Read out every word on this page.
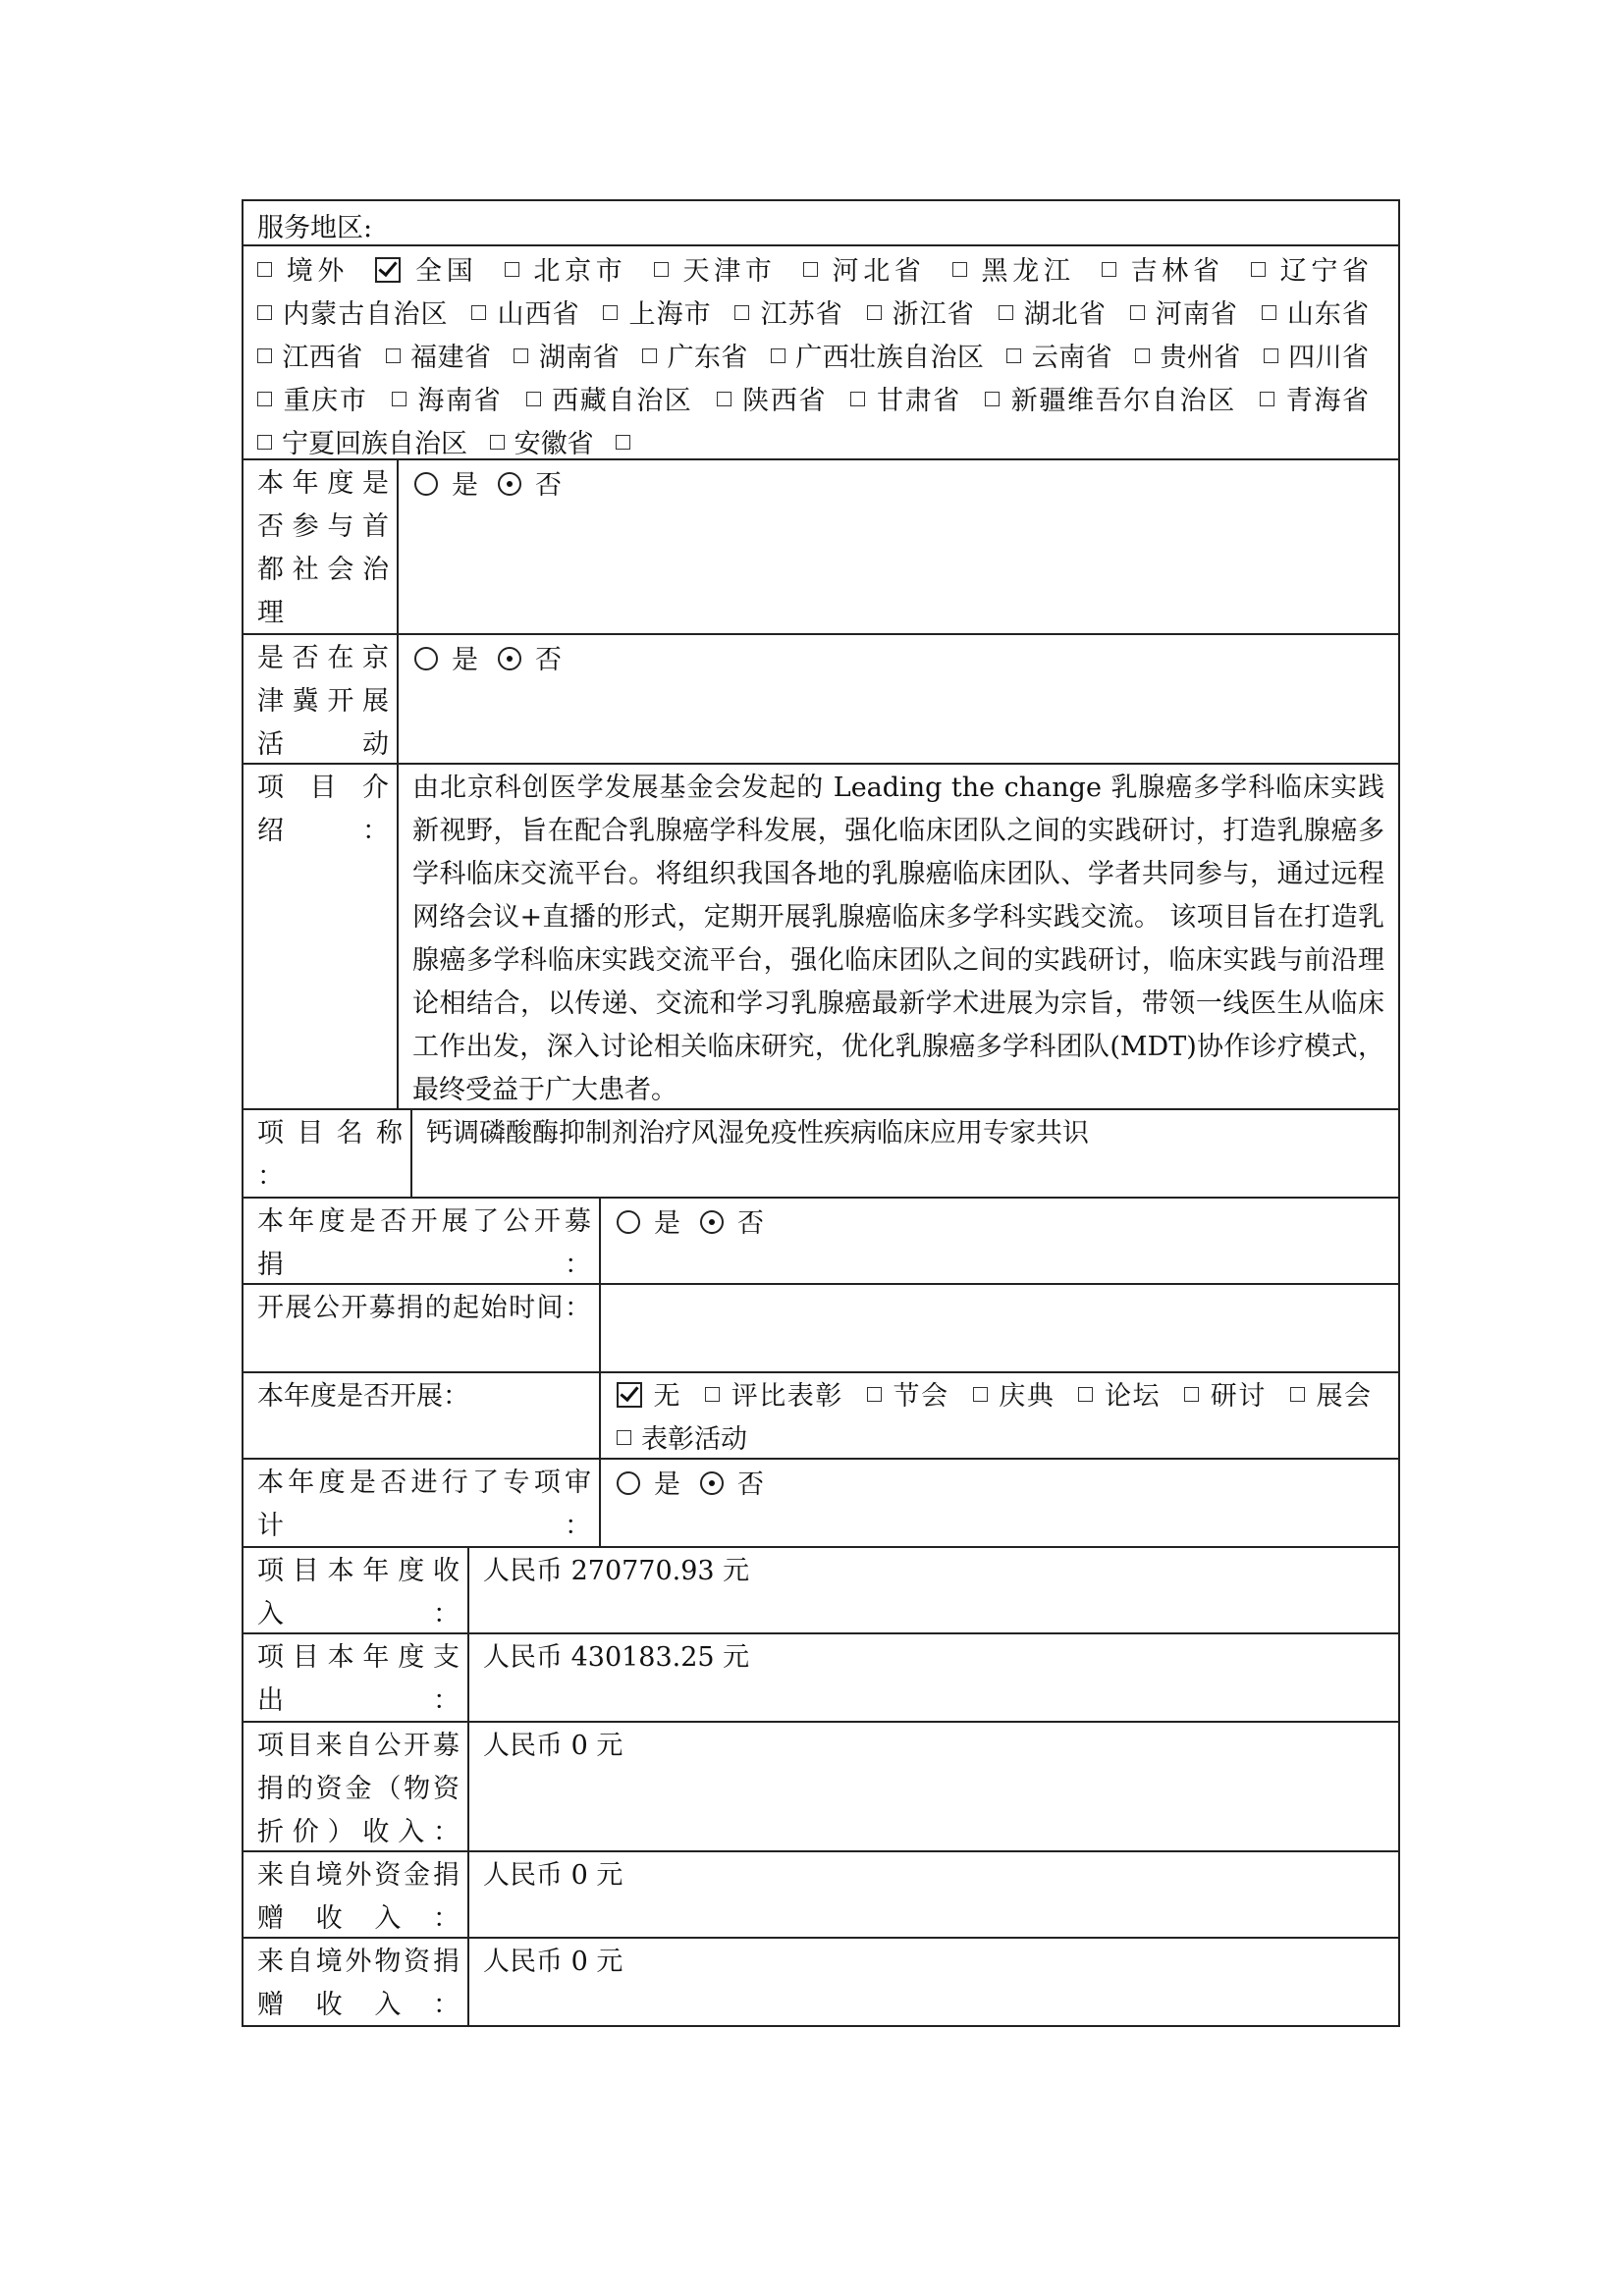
服务地区:
境外 全国 北京市 天津市 河北省 黑龙江 吉林省 辽宁省 内蒙古自治区 山西省 上海市 江苏省 浙江省 湖北省 河南省 山东省 江西省 福建省 湖南省 广东省 广西壮族自治区 云南省 贵州省 四川省 重庆市 海南省 西藏自治区 陕西省 甘肃省 新疆维吾尔自治区 青海省 宁夏回族自治区 安徽省
本年度是否参与首都社会治理
是 否
是否在京津冀开展活动
是 否
项 目 介 绍：
由北京科创医学发展基金会发起的 Leading the change 乳腺癌多学科临床实践新视野，旨在配合乳腺癌学科发展，强化临床团队之间的实践研讨，打造乳腺癌多学科临床交流平台。将组织我国各地的乳腺癌临床团队、学者共同参与，通过远程网络会议+直播的形式，定期开展乳腺癌临床多学科实践交流。 该项目旨在打造乳腺癌多学科临床实践交流平台，强化临床团队之间的实践研讨，临床实践与前沿理论相结合，以传递、交流和学习乳腺癌最新学术进展为宗旨，带领一线医生从临床工作出发，深入讨论相关临床研究，优化乳腺癌多学科团队(MDT)协作诊疗模式，最终受益于广大患者。
项 目 名 称 ：
钙调磷酸酶抑制剂治疗风湿免疫性疾病临床应用专家共识
本年度是否开展了公开募捐：
是 否
开展公开募捐的起始时间：
本年度是否开展：	无 评比表彰 节会 庆典 论坛 研讨 展会 表彰活动
本年度是否进行了专项审计：
是 否
项目本年度收入：
人民币 270770.93 元
项目本年度支出：
人民币 430183.25 元
项目来自公开募捐的资金（物资折价）收入：
人民币 0 元
来自境外资金捐赠收入：
人民币 0 元
来自境外物资捐赠收入：
人民币 0 元
